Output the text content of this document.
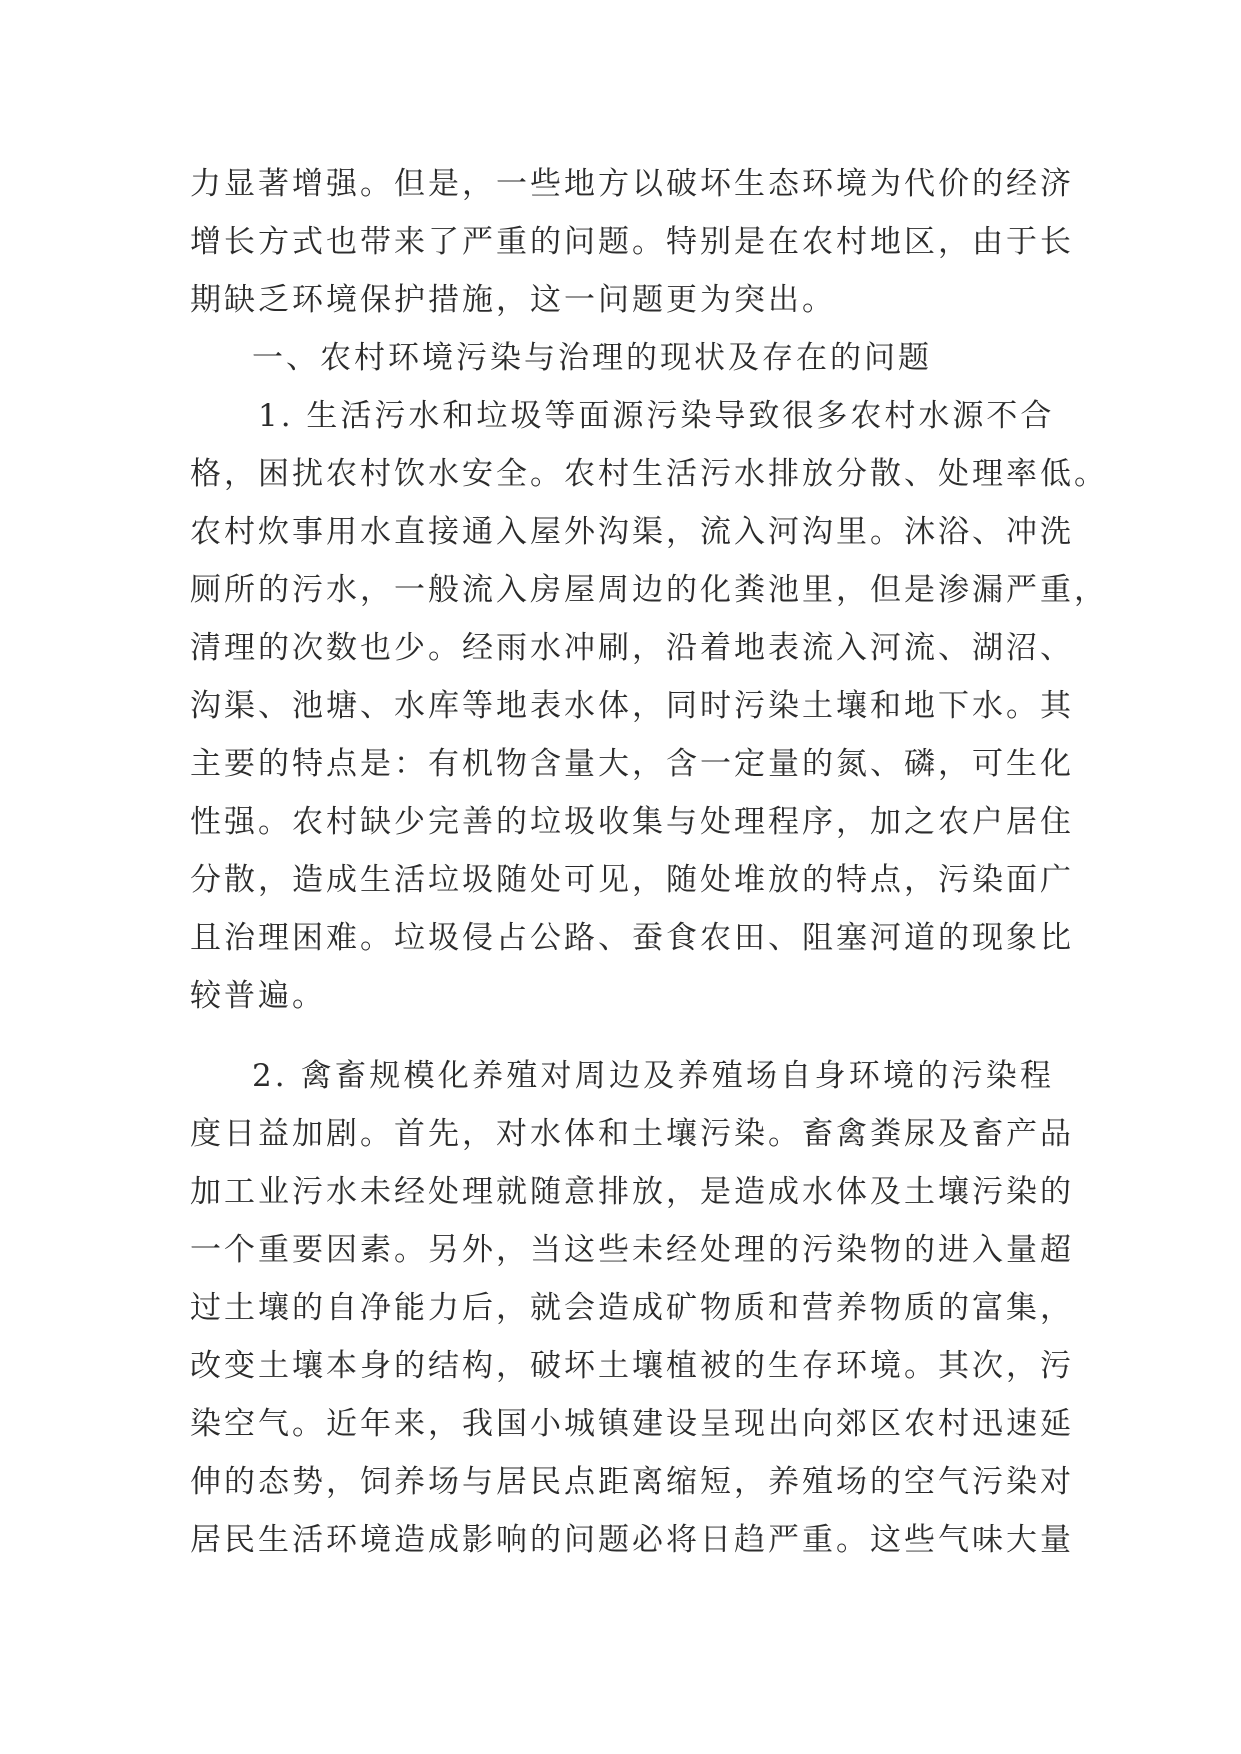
力显著增强。但是，一些地方以破坏生态环境为代价的经济
增长方式也带来了严重的问题。特别是在农村地区，由于长
期缺乏环境保护措施，这一问题更为突出。
一、农村环境污染与治理的现状及存在的问题
1. 生活污水和垃圾等面源污染导致很多农村水源不合
格，困扰农村饮水安全。农村生活污水排放分散、处理率低。
农村炊事用水直接通入屋外沟渠，流入河沟里。沐浴、冲洗
厕所的污水，一般流入房屋周边的化粪池里，但是渗漏严重，
清理的次数也少。经雨水冲刷，沿着地表流入河流、湖沼、
沟渠、池塘、水库等地表水体，同时污染土壤和地下水。其
主要的特点是：有机物含量大，含一定量的氮、磷，可生化
性强。农村缺少完善的垃圾收集与处理程序，加之农户居住
分散，造成生活垃圾随处可见，随处堆放的特点，污染面广
且治理困难。垃圾侵占公路、蚕食农田、阻塞河道的现象比
较普遍。
2. 禽畜规模化养殖对周边及养殖场自身环境的污染程
度日益加剧。首先，对水体和土壤污染。畜禽粪尿及畜产品
加工业污水未经处理就随意排放，是造成水体及土壤污染的
一个重要因素。另外，当这些未经处理的污染物的进入量超
过土壤的自净能力后，就会造成矿物质和营养物质的富集，
改变土壤本身的结构，破坏土壤植被的生存环境。其次，污
染空气。近年来，我国小城镇建设呈现出向郊区农村迅速延
伸的态势，饲养场与居民点距离缩短，养殖场的空气污染对
居民生活环境造成影响的问题必将日趋严重。这些气味大量
